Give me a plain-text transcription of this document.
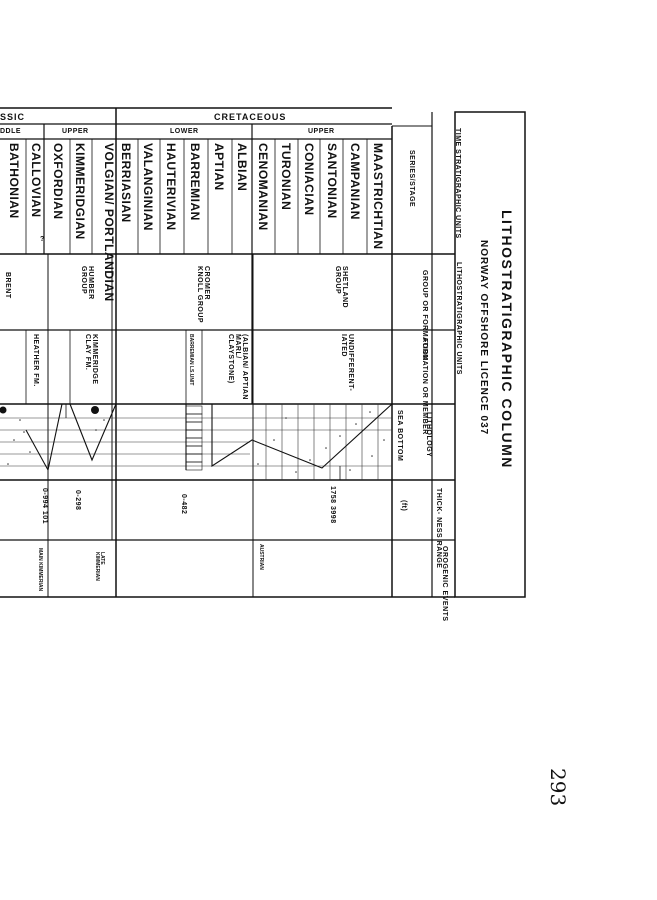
LITHOSTRATIGRAPHIC COLUMN
NORWAY OFFSHORE LICENCE 037
TIME STRATIGRAPHIC UNITS
SERIES/STAGE
LITHOSTRATIGRAPHIC UNITS
GROUP OR FORMATION
FORMATION OR MEMBER
LITHOLOGY
SEA BOTTOM
THICK- NESS RANGE
(ft)
OROGENIC EVENTS
CRETACEOUS
SSIC
UPPER
LOWER
UPPER
DDLE
MAASTRICHTIAN
CAMPANIAN
SANTONIAN
CONIACIAN
TURONIAN
CENOMANIAN
ALBIAN
APTIAN
BARREMIAN
HAUTERIVIAN
VALANGINIAN
BERRIASIAN
VOLGIAN/ PORTLANDIAN
KIMMERIDGIAN
OXFORDIAN
CALLOVIAN
BATHONIAN
SHETLAND GROUP
CROMER KNOLL GROUP
HUMBER GROUP
BRENT
UNDIFFERENT- IATED
(ALBIAN/ APTIAN MARL/ CLAYSTONE)
BARREMIAN LS.UNIT
KIMMERIDGE CLAY FM.
HEATHER FM.
?
1758 3998
0-482
0-298
0-994 101
AUSTRIAN
LATE KIMMERIAN
MAIN KIMMERIAN
293
